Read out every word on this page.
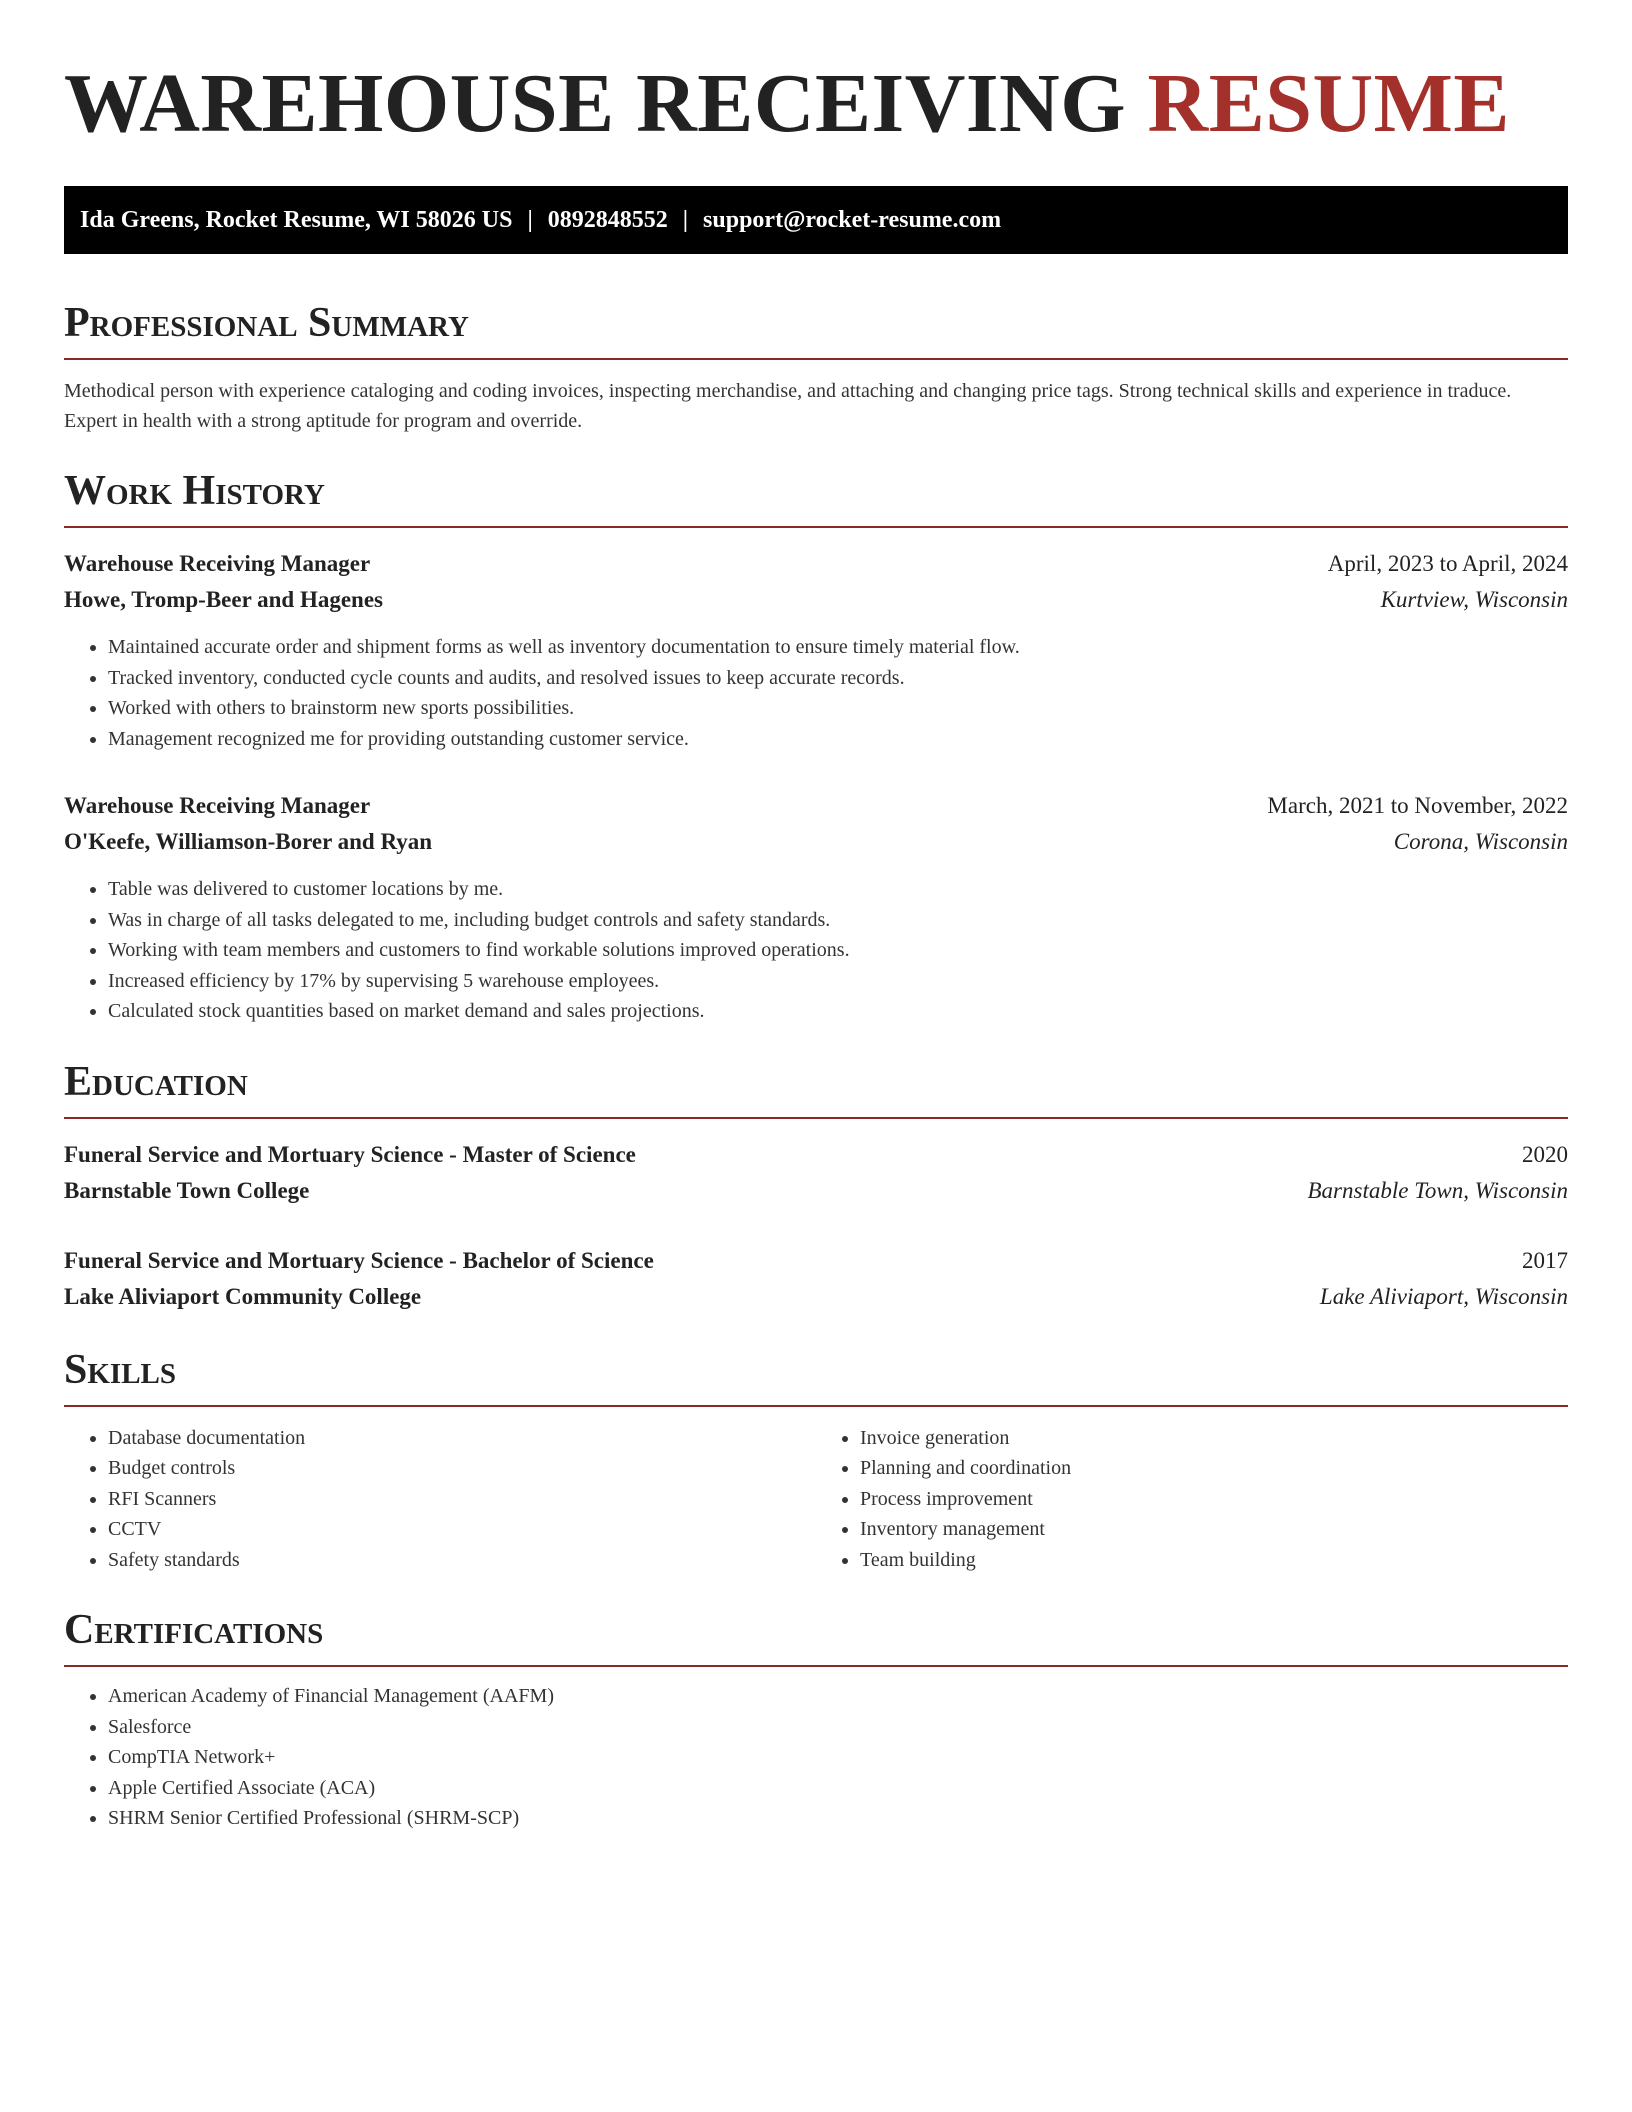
WAREHOUSE RECEIVING RESUME
Ida Greens, Rocket Resume, WI 58026 US | 0892848552 | support@rocket-resume.com
Professional Summary

Methodical person with experience cataloging and coding invoices, inspecting merchandise, and attaching and changing price tags. Strong technical skills and experience in traduce. Expert in health with a strong aptitude for program and override.

Work History
Warehouse Receiving Manager	April, 2023 to April, 2024
Howe, Tromp-Beer and Hagenes	Kurtview, Wisconsin
• Maintained accurate order and shipment forms as well as inventory documentation to ensure timely material flow.
• Tracked inventory, conducted cycle counts and audits, and resolved issues to keep accurate records.
• Worked with others to brainstorm new sports possibilities.
• Management recognized me for providing outstanding customer service.
Warehouse Receiving Manager	March, 2021 to November, 2022
O'Keefe, Williamson-Borer and Ryan	Corona, Wisconsin
• Table was delivered to customer locations by me.
• Was in charge of all tasks delegated to me, including budget controls and safety standards.
• Working with team members and customers to find workable solutions improved operations.
• Increased efficiency by 17% by supervising 5 warehouse employees.
• Calculated stock quantities based on market demand and sales projections.
Education
Funeral Service and Mortuary Science - Master of Science	2020
Barnstable Town College	Barnstable Town, Wisconsin
Funeral Service and Mortuary Science - Bachelor of Science	2017
Lake Aliviaport Community College	Lake Aliviaport, Wisconsin
Skills
• Database documentation
• Budget controls
• RFI Scanners
• CCTV
• Safety standards
• Invoice generation
• Planning and coordination
• Process improvement
• Inventory management
• Team building
Certifications
• American Academy of Financial Management (AAFM)
• Salesforce
• CompTIA Network+
• Apple Certified Associate (ACA)
• SHRM Senior Certified Professional (SHRM-SCP)
